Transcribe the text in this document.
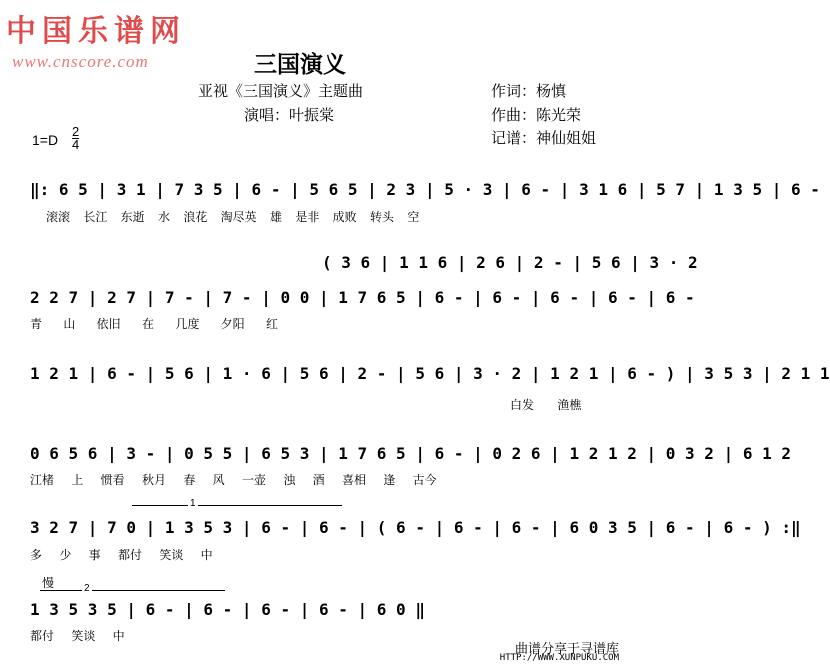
中国乐谱网
www.cnscore.com	三国演义
亚视《三国演义》主题曲
演唱：叶振棠
作词：杨慎
作曲：陈光荣
记谱：神仙姐姐
1=D
2
4
‖: 6 5 | 3 1 | 7 3 5 | 6 - | 5 6 5 | 2 3 | 5 · 3 | 6 - | 3 1 6 | 5 7 | 1 3 5 | 6 -
滚滚 长江 东逝 水 浪花 淘尽英 雄 是非 成败 转头 空
( 3 6 | 1 1 6 | 2 6 | 2 - | 5 6 | 3 · 2
2 2 7 | 2 7 | 7 - | 7 - | 0 0 | 1 7 6 5 | 6 - | 6 - | 6 - | 6 - | 6 -
青 山 依旧 在 几度 夕阳 红
1 2 1 | 6 - | 5 6 | 1 · 6 | 5 6 | 2 - | 5 6 | 3 · 2 | 1 2 1 | 6 - ) | 3 5 3 | 2 1 1
白发 渔樵
0 6 5 6 | 3 - | 0 5 5 | 6 5 3 | 1 7 6 5 | 6 - | 0 2 6 | 1 2 1 2 | 0 3 2 | 6 1 2
江楮 上 惯看 秋月 春 风 一壶 浊 酒 喜相 逢 古今
1
3 2 7 | 7 0 | 1 3 5 3 | 6 - | 6 - | ( 6 - | 6 - | 6 - | 6 0 3 5 | 6 - | 6 - ) :‖
多 少 事 都付 笑谈 中
慢	2
1 3 5 3 5 | 6 - | 6 - | 6 - | 6 - | 6 0 ‖
都付 笑谈 中
曲谱分享于寻谱库
HTTP://WWW.XUNPUKU.COM
